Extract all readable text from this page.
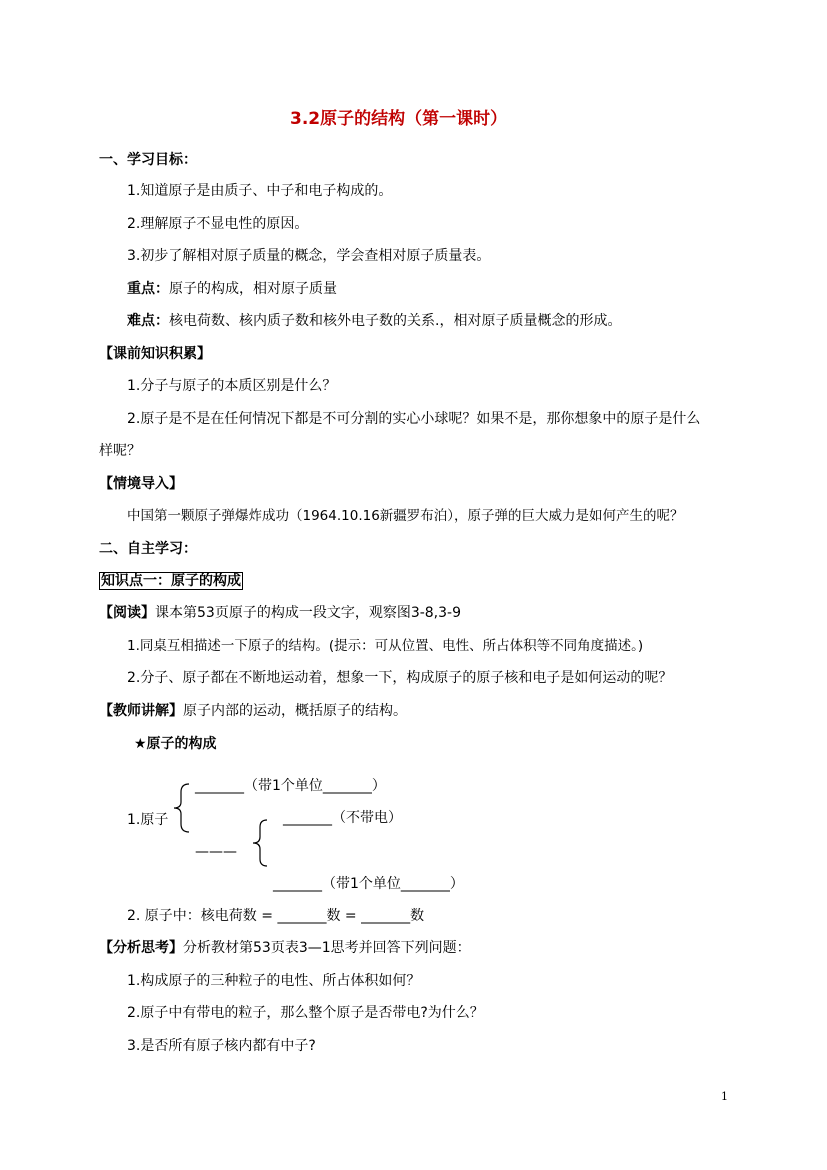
3.2原子的结构（第一课时）
一、学习目标：
1.知道原子是由质子、中子和电子构成的。
2.理解原子不显电性的原因。
3.初步了解相对原子质量的概念，学会查相对原子质量表。
重点：原子的构成，相对原子质量
难点：核电荷数、核内质子数和核外电子数的关系.，相对原子质量概念的形成。
【课前知识积累】
1.分子与原子的本质区别是什么？
2.原子是不是在任何情况下都是不可分割的实心小球呢？如果不是，那你想象中的原子是什么
样呢？
【情境导入】
中国第一颗原子弹爆炸成功（1964.10.16新疆罗布泊），原子弹的巨大威力是如何产生的呢？
二、自主学习：
知识点一：原子的构成
【阅读】课本第53页原子的构成一段文字，观察图3-8,3-9
1.同桌互相描述一下原子的结构。(提示：可从位置、电性、所占体积等不同角度描述。)
2.分子、原子都在不断地运动着，想象一下，构成原子的原子核和电子是如何运动的呢？
【教师讲解】原子内部的运动，概括原子的结构。
★原子的构成
_______（带1个单位_______）
1.原子	_______（不带电）
———
_______（带1个单位_______）
2. 原子中：核电荷数 = _______数 = _______数
【分析思考】分析教材第53页表3—1思考并回答下列问题：
1.构成原子的三种粒子的电性、所占体积如何？
2.原子中有带电的粒子，那么整个原子是否带电?为什么？
3.是否所有原子核内都有中子?
1
